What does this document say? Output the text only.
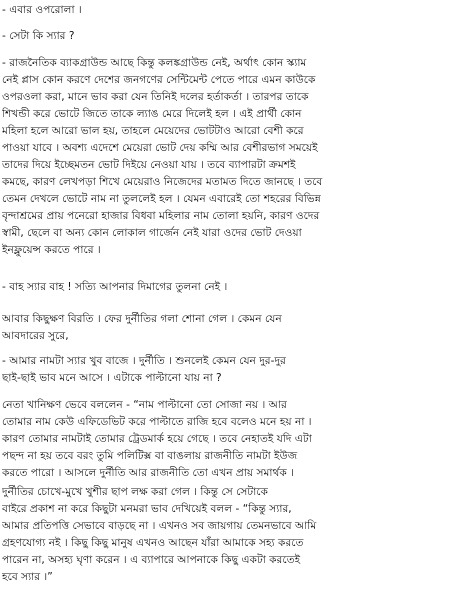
- এবার ওপরোলা ।
- সেটা কি স্যার ?
- রাজনৈতিক ব্যাকগ্রাউন্ড আছে কিন্তু কলঙ্কগ্রাউন্ড নেই, অর্থাৎ কোন স্ক্যাম
নেই প্লাস কোন করণে দেশের জনগণের সেন্টিমেন্ট পেতে পারে এমন কাউকে
ওপরওলা করা, মানে ভাব করা যেন তিনিই দলের হর্তাকর্তা । তারপর তাকে
শিখন্ডী করে ভোটে জিতে তাকে ল্যাঙ মেরে দিলেই হল । এই প্রার্থী কোন
মহিলা হলে আরো ভাল হয়, তাহলে মেয়েদের ভোটটাও আরো বেশী করে
পাওয়া যাবে । অবশ্য এদেশে মেয়েরা ভোট দেয় কম্মি আর বেশীরভাগ সময়েই
তাদের দিয়ে ইচ্ছেমতন ভোট দিইয়ে নেওয়া যায় । তবে ব্যাপারটা ক্রমশই
কমছে, কারণ লেখপড়া শিখে মেয়েরাও নিজেদের মতামত দিতে জানছে । তবে
তেমন দেখলে ভোটে নাম না তুললেই হল । যেমন এবারেই তো শহরের বিভিন্ন
বৃন্দাশ্রমের প্রায় পনেরো হাজার বিধবা মহিলার নাম তোলা হয়নি, কারণ ওদের
স্বামী, ছেলে বা অন্য কোন লোকাল গার্জেন নেই যারা ওদের ভোট দেওয়া
ইনফ্লুয়েন্স করতে পারে ।
- বাহ স্যার বাহ ! সত্যি আপনার দিমাগের তুলনা নেই ।
আবার কিছুক্ষণ বিরতি । ফের দুর্নীতির গলা শোনা গেল । কেমন যেন
আবদারের সুরে,
- আমার নামটা স্যার খুব বাজে । দুর্নীতি । শুনলেই কেমন যেন দুর-দুর
ছাই-ছাই ভাব মনে আসে । এটাকে পাল্টানো যায় না ?
নেতা খানিক্ষণ ভেবে বললেন - “নাম পাল্টানো তো সোজা নয় । আর
তোমার নাম কেউ এফিডেভিট করে পাল্টাতে রাজি হবে বলেও মনে হয় না ।
কারণ তোমার নামটাই তোমার ট্রেডমার্ক হয়ে গেছে । তবে নেহাতই যদি এটা
পছন্দ না হয় তবে বরং তুমি পলিটিক্স বা বাঙলায় রাজনীতি নামটা ইউজ
করতে পারো । আসলে দুর্নীতি আর রাজনীতি তো এখন প্রায় সমার্থক ।
দুর্নীতির চোখে-মুখে খুশীর ছাপ লক্ষ করা গেল । কিন্তু সে সেটাকে
বাইরে প্রকাশ না করে কিছুটা মনমরা ভাব দেখিয়েই বলল - “কিন্তু স্যার,
আমার প্রতিপত্তি সেভাবে বাড়ছে না । এখনও সব জায়গায় তেমনভাবে আমি
গ্রহণযোগ্য নই । কিছু কিছু মানুষ এখনও আছেন যাঁরা আমাকে সহ্য করতে
পারেন না, অসহ্য ঘৃণা করেন । এ ব্যাপারে আপনাকে কিছু একটা করতেই
হবে স্যার ।”
